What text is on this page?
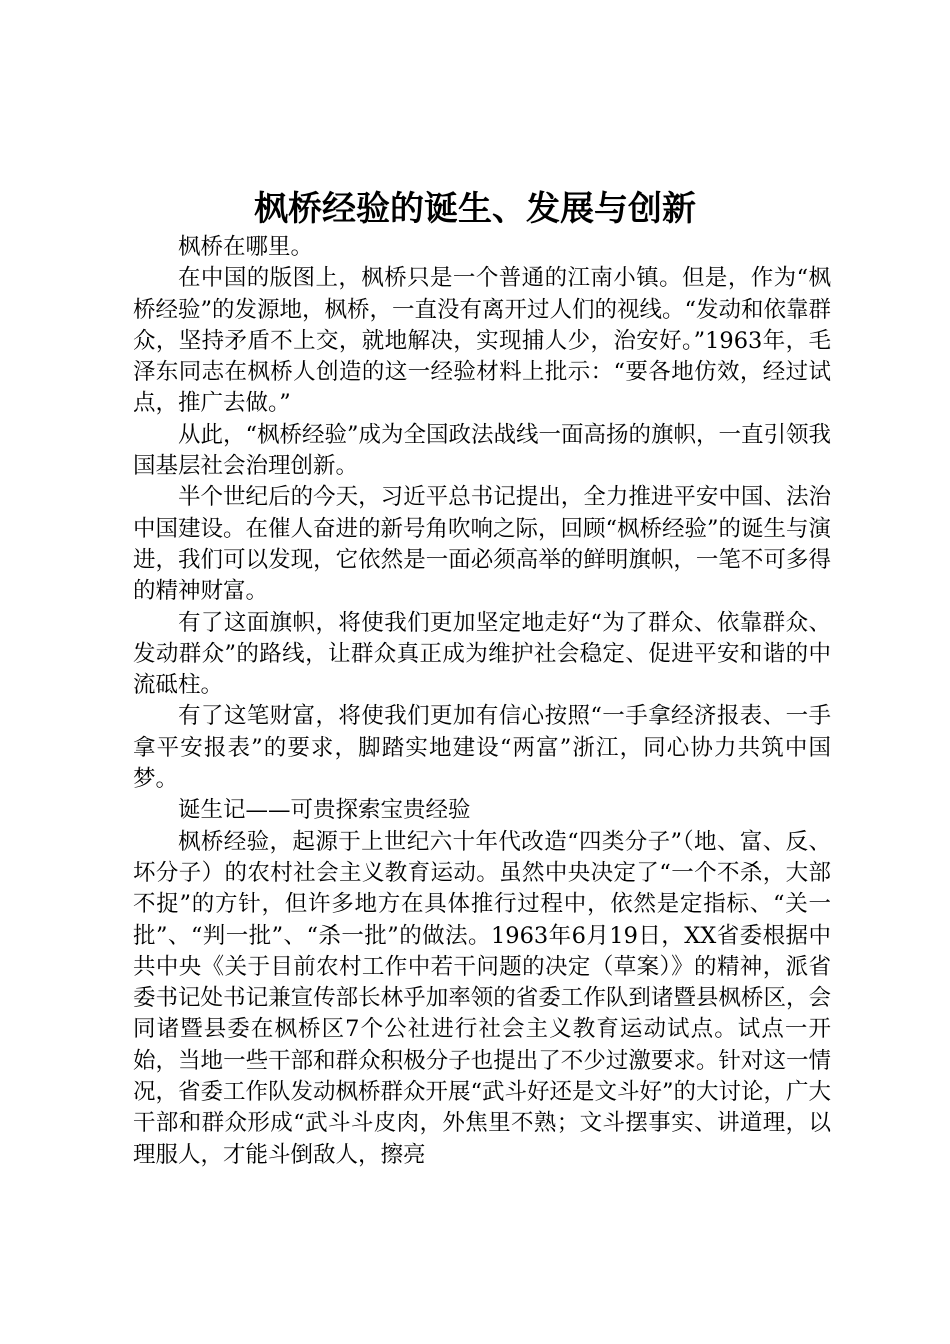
枫桥经验的诞生、发展与创新

枫桥在哪里。

在中国的版图上，枫桥只是一个普通的江南小镇。但是，作为“枫桥经验”的发源地，枫桥，一直没有离开过人们的视线。“发动和依靠群众，坚持矛盾不上交，就地解决，实现捕人少，治安好。”1963年，毛泽东同志在枫桥人创造的这一经验材料上批示：“要各地仿效，经过试点，推广去做。”

从此，“枫桥经验”成为全国政法战线一面高扬的旗帜，一直引领我国基层社会治理创新。

半个世纪后的今天，习近平总书记提出，全力推进平安中国、法治中国建设。在催人奋进的新号角吹响之际，回顾“枫桥经验”的诞生与演进，我们可以发现，它依然是一面必须高举的鲜明旗帜，一笔不可多得的精神财富。

有了这面旗帜，将使我们更加坚定地走好“为了群众、依靠群众、发动群众”的路线，让群众真正成为维护社会稳定、促进平安和谐的中流砥柱。

有了这笔财富，将使我们更加有信心按照“一手拿经济报表、一手拿平安报表”的要求，脚踏实地建设“两富”浙江，同心协力共筑中国梦。

诞生记——可贵探索宝贵经验

枫桥经验，起源于上世纪六十年代改造“四类分子”（地、富、反、坏分子）的农村社会主义教育运动。虽然中央决定了“一个不杀，大部不捉”的方针，但许多地方在具体推行过程中，依然是定指标、“关一批”、“判一批”、“杀一批”的做法。1963年6月19日，XX省委根据中共中央《关于目前农村工作中若干问题的决定（草案）》的精神，派省委书记处书记兼宣传部长林乎加率领的省委工作队到诸暨县枫桥区，会同诸暨县委在枫桥区7个公社进行社会主义教育运动试点。试点一开始，当地一些干部和群众积极分子也提出了不少过激要求。针对这一情况，省委工作队发动枫桥群众开展“武斗好还是文斗好”的大讨论，广大干部和群众形成“武斗斗皮肉，外焦里不熟；文斗摆事实、讲道理，以理服人，才能斗倒敌人，擦亮
